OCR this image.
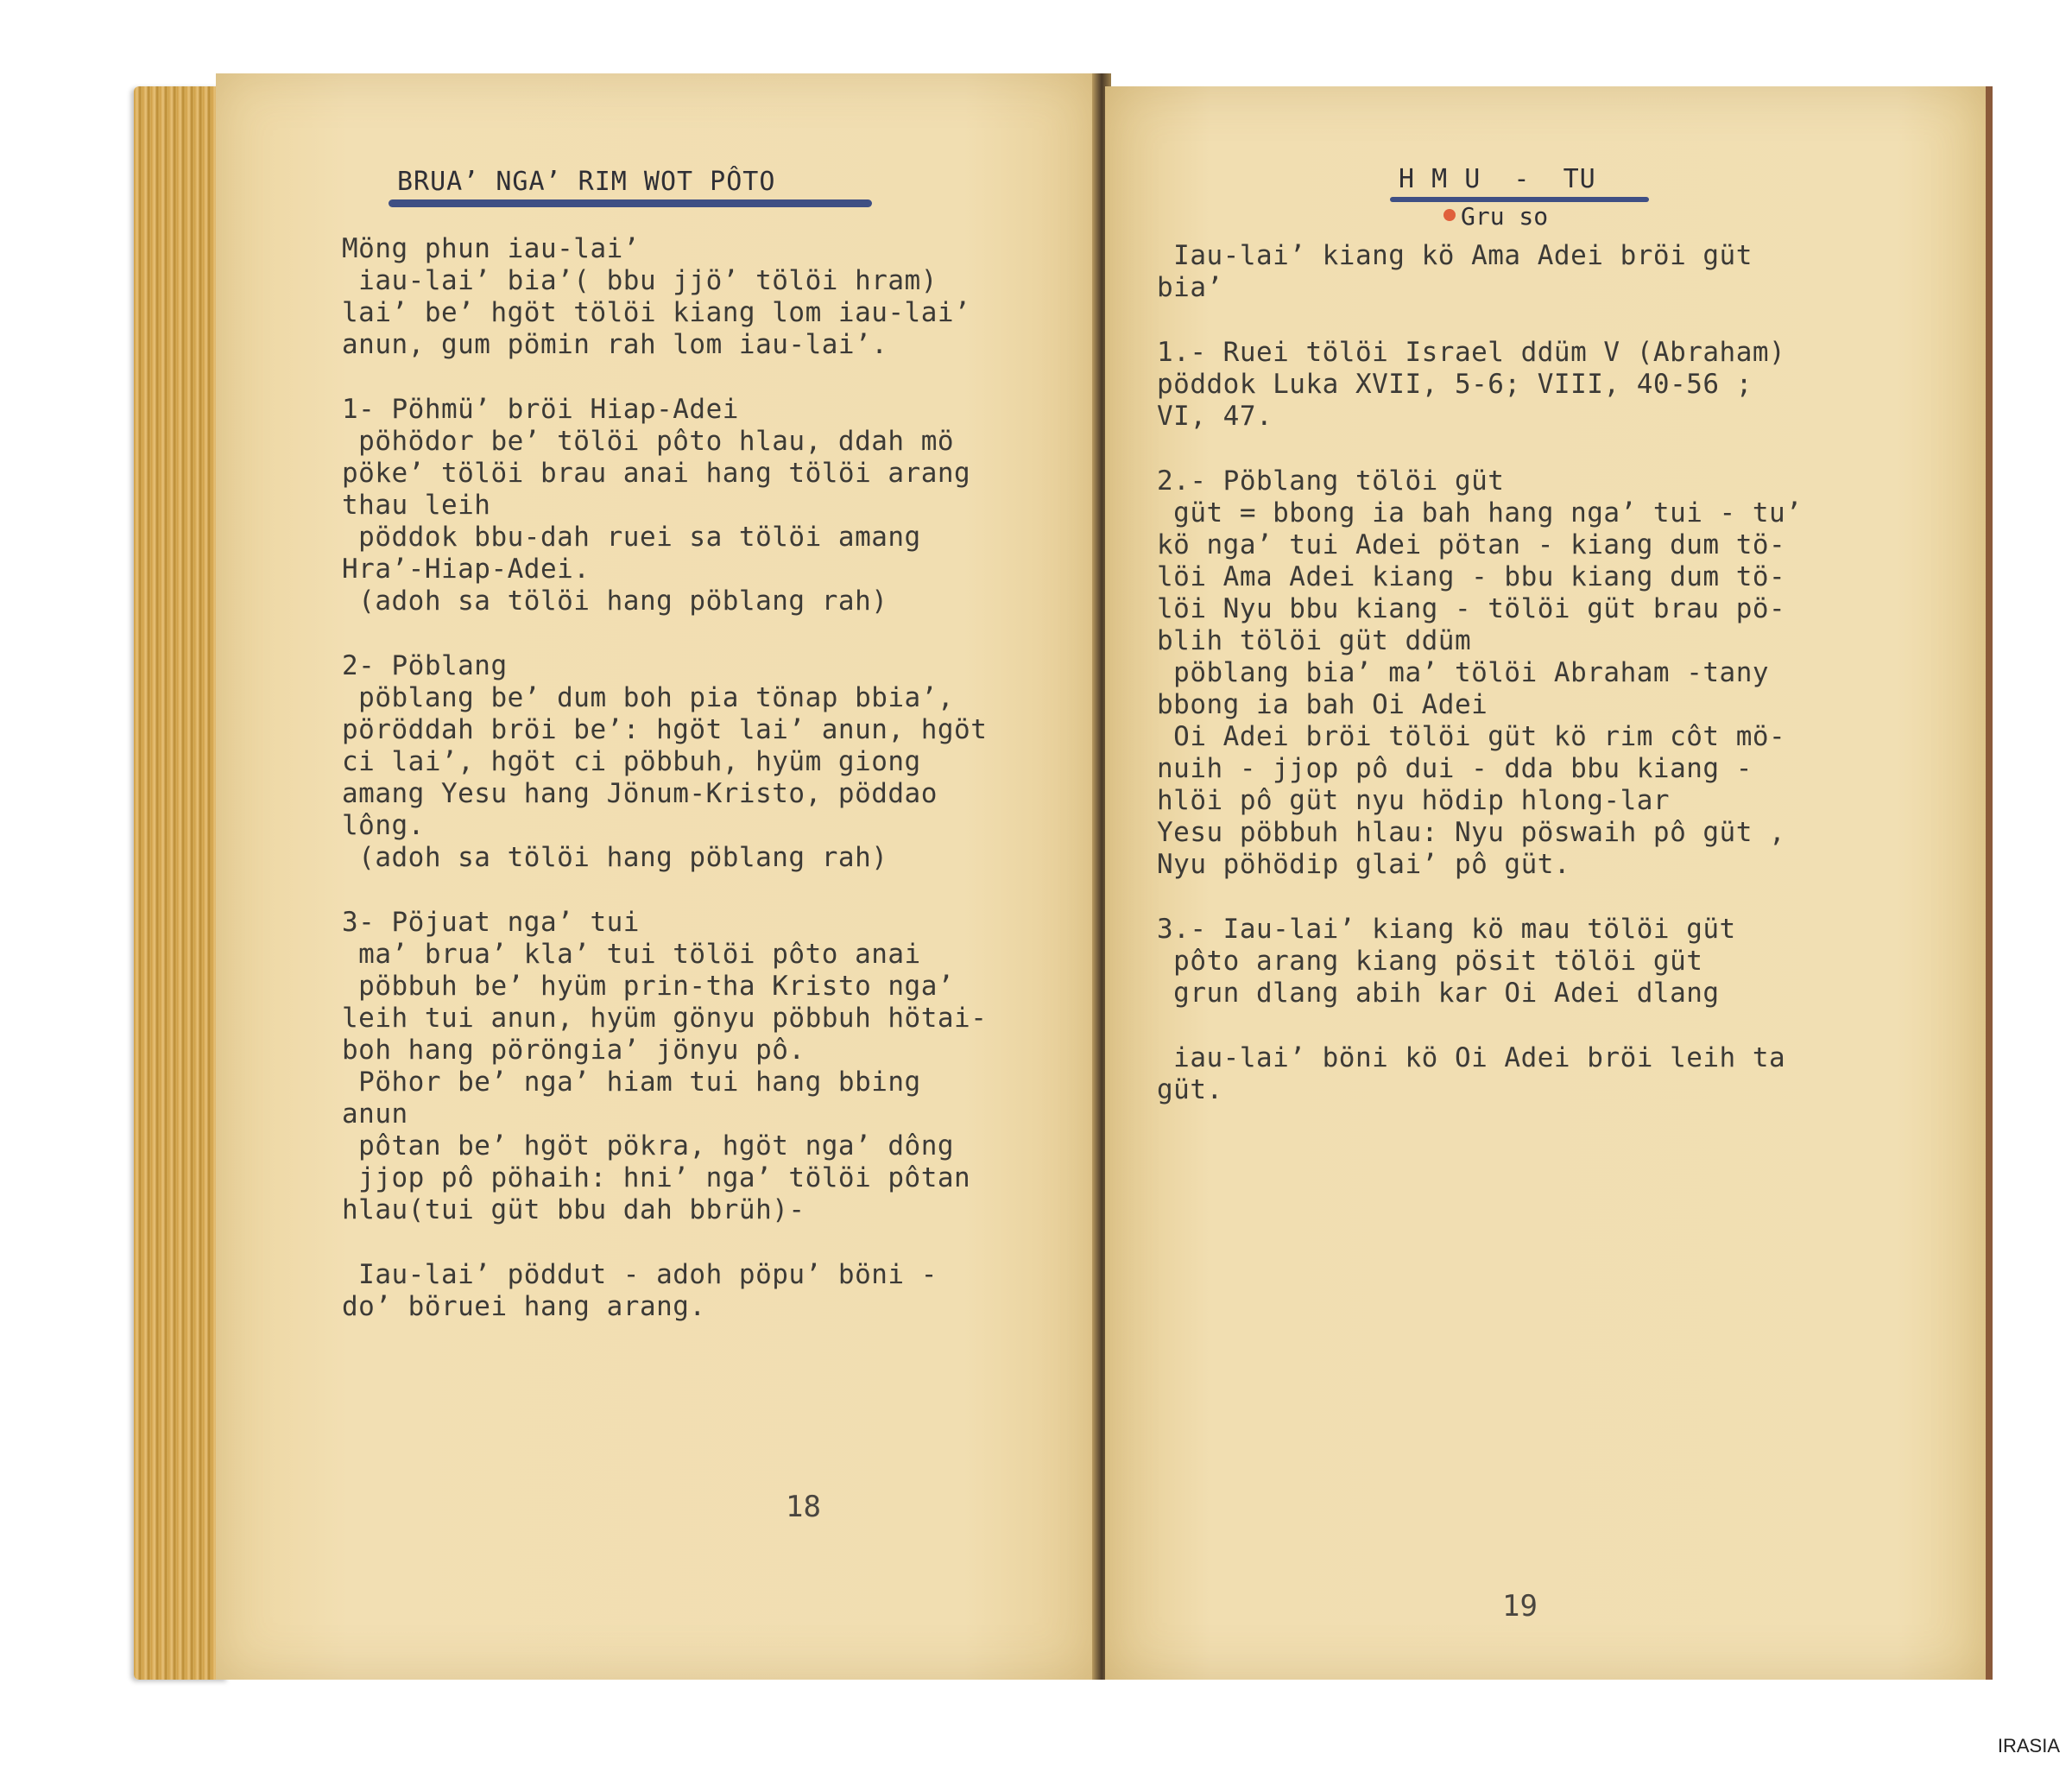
BRUA’ NGA’ RIM WOT PÔTO
Möng phun iau-lai’
iau-lai’ bia’( bbu jjö’ tölöi hram)
lai’ be’ hgöt tölöi kiang lom iau-lai’
anun, gum pömin rah lom iau-lai’.
1- Pöhmü’ bröi Hiap-Adei
pöhödor be’ tölöi pôto hlau, ddah mö
pöke’ tölöi brau anai hang tölöi arang
thau leih
pöddok bbu-dah ruei sa tölöi amang
Hra’-Hiap-Adei.
(adoh sa tölöi hang pöblang rah)
2- Pöblang
pöblang be’ dum boh pia tönap bbia’,
pöröddah bröi be’: hgöt lai’ anun, hgöt
ci lai’, hgöt ci pöbbuh, hyüm giong
amang Yesu hang Jönum-Kristo, pöddao
lông.
(adoh sa tölöi hang pöblang rah)
3- Pöjuat nga’ tui
ma’ brua’ kla’ tui tölöi pôto anai
pöbbuh be’ hyüm prin-tha Kristo nga’
leih tui anun, hyüm gönyu pöbbuh hötai-
boh hang pöröngia’ jönyu pô.
Pöhor be’ nga’ hiam tui hang bbing
anun
pôtan be’ hgöt pökra, hgöt nga’ dông
jjop pô pöhaih: hni’ nga’ tölöi pôtan
hlau(tui güt bbu dah bbrüh)-
Iau-lai’ pöddut - adoh pöpu’ böni -
do’ böruei hang arang.
18
H M U  -  TU
Gru so
Iau-lai’ kiang kö Ama Adei bröi güt
bia’
1.- Ruei tölöi Israel ddüm V (Abraham)
pöddok Luka XVII, 5-6; VIII, 40-56 ;
VI, 47.
2.- Pöblang tölöi güt
güt = bbong ia bah hang nga’ tui - tu’
kö nga’ tui Adei pötan - kiang dum tö-
löi Ama Adei kiang - bbu kiang dum tö-
löi Nyu bbu kiang - tölöi güt brau pö-
blih tölöi güt ddüm
pöblang bia’ ma’ tölöi Abraham -tany
bbong ia bah Oi Adei
Oi Adei bröi tölöi güt kö rim côt mö-
nuih - jjop pô dui - dda bbu kiang -
hlöi pô güt nyu hödip hlong-lar
Yesu pöbbuh hlau: Nyu pöswaih pô güt ,
Nyu pöhödip glai’ pô güt.
3.- Iau-lai’ kiang kö mau tölöi güt
pôto arang kiang pösit tölöi güt
grun dlang abih kar Oi Adei dlang
iau-lai’ böni kö Oi Adei bröi leih ta
güt.
19
IRASIA
